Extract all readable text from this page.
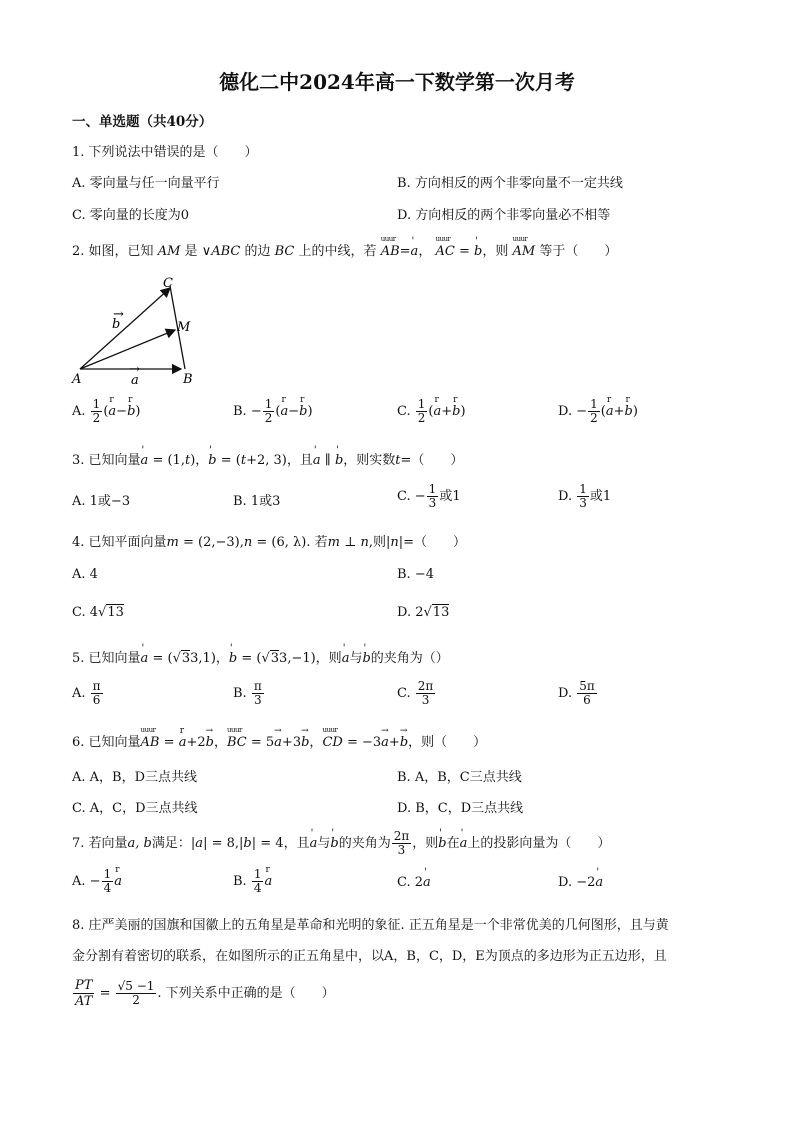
德化二中2024年高一下数学第一次月考
一、单选题（共40分）
1. 下列说法中错误的是（　　）
A. 零向量与任一向量平行	B. 方向相反的两个非零向量不一定共线
C. 零向量的长度为0	D. 方向相反的两个非零向量必不相等
2. 如图，已知 AM 是 ∨ABC 的边 BC 上的中线，若 uuur AB=' a， uuur AC = ' b，则 uuur AM 等于（　　）
C
M
A	B
b
a
→
→
A. $\frac{1}{2} (r$ a−r b)	B. − $\frac{1}{2} (r$ a−r b)	C. $\frac{1}{2} (r$ a+r b)	D. − $\frac{1}{2} (r$ a+r b)
3. 已知向量' a = (1,t)，' b = (t+2, 3)，且' a ∥ ' b，则实数t=（　　）
A. 1或−3	B. 1或3	C. − $\frac{1}{3}$ 或1	D. $\frac{1}{3}$ 或1
4. 已知平面向量m = (2,−3),n = (6, λ). 若m ⊥ n,则|n|=（　　）
A. 4	B. −4
C. 4√13	D. 2√13
5. 已知向量' a = (√33,1)，' b = (√33,−1)，则' a与' b的夹角为（）
A. $\frac{\pi}{6}$	B. $\frac{\pi}{3}$	C. $\frac{2\pi}{3}$	D. $\frac{5\pi}{6}$
6. 已知向量uuur AB = r a+2→ b，uuur BC = 5→ a+3→ b，uuur CD = −3→ a+→ b，则（　　）
A. A，B，D三点共线	B. A，B，C三点共线
C. A，C，D三点共线	D. B，C，D三点共线
7. 若向量a, b满足：|a| = 8,|b| = 4，且' a与' b的夹角为 $\frac{2\pi}{3}$ ，则' b在' a上的投影向量为（　　）
A. − $\frac{1}{4}$ r a	B. $\frac{1}{4}$ r a	C. 2' a	D. −2' a
8. 庄严美丽的国旗和国徽上的五角星是革命和光明的象征. 正五角星是一个非常优美的几何图形，且与黄
金分割有着密切的联系，在如图所示的正五角星中，以A，B，C，D，E为顶点的多边形为正五边形，且
$\frac{PT}{AT} = \frac{√5 -1}{2}$ . 下列关系中正确的是（　　）
